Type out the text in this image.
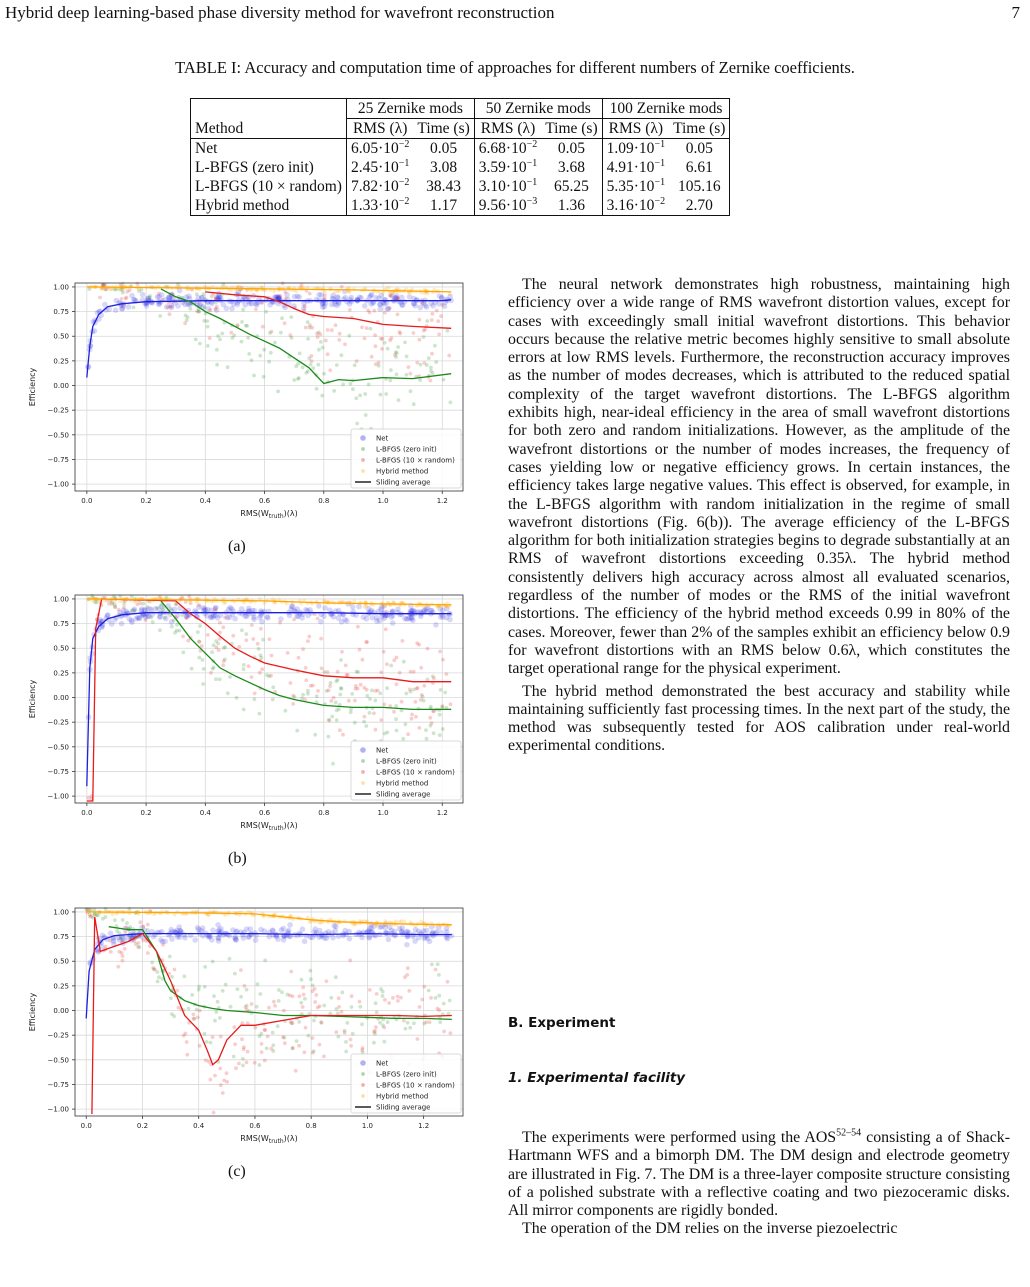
Hybrid deep learning-based phase diversity method for wavefront reconstruction	7
TABLE I: Accuracy and computation time of approaches for different numbers of Zernike coefficients.
	25 Zernike mods		50 Zernike mods		100 Zernike mods	
Method	RMS (λ)	Time (s)	RMS (λ)	Time (s)	RMS (λ)	Time (s)
Net	$6.05\cdot 10^{-2}$	0.05	$6.68\cdot 10^{-2}$	0.05	$1.09\cdot 10^{-1}$	0.05
L-BFGS (zero init)	$2.45\cdot 10^{-1}$	3.08	$3.59\cdot 10^{-1}$	3.68	$4.91\cdot 10^{-1}$	6.61
L-BFGS (10 × random)	$7.82\cdot 10^{-2}$	38.43	$3.10\cdot 10^{-1}$	65.25	$5.35\cdot 10^{-1}$	105.16
Hybrid method	$1.33\cdot 10^{-2}$	1.17	$9.56\cdot 10^{-3}$	1.36	$3.16\cdot 10^{-2}$	2.70
0.0	0.2	0.4	0.6	0.8	1.0	1.2
1.00
0.75
0.50
0.25
0.00
−0.25
−0.50
−0.75
−1.00
Net
L-BFGS (zero init)
L-BFGS (10 × random)
Hybrid method
Sliding average
Efficiency
$RMS(W_{truth})(\lambda)$
(a)
0.0	0.2	0.4	0.6	0.8	1.0	1.2
1.00
0.75
0.50
0.25
0.00
−0.25
−0.50
−0.75
−1.00
Net
L-BFGS (zero init)
L-BFGS (10 × random)
Hybrid method
Sliding average
Efficiency
$RMS(W_{truth})(\lambda)$
(b)
0.0	0.2	0.4	0.6	0.8	1.0	1.2
1.00
0.75
0.50
0.25
0.00
−0.25
−0.50
−0.75
−1.00
Net
L-BFGS (zero init)
L-BFGS (10 × random)
Hybrid method
Sliding average
Efficiency
$RMS(W_{truth})(\lambda)$
(c)

The neural network demonstrates high robustness, maintaining high efficiency over a wide range of RMS wavefront distortion values, except for cases with exceedingly small initial wavefront distortions. This behavior occurs because the relative metric becomes highly sensitive to small absolute errors at low RMS levels. Furthermore, the reconstruction accuracy improves as the number of modes decreases, which is attributed to the reduced spatial complexity of the target wavefront distortions. The L-BFGS algorithm exhibits high, near-ideal efficiency in the area of small wavefront distortions for both zero and random initializations. However, as the amplitude of the wavefront distortions or the number of modes increases, the frequency of cases yielding low or negative efficiency grows. In certain instances, the efficiency takes large negative values. This effect is observed, for example, in the L-BFGS algorithm with random initialization in the regime of small wavefront distortions (Fig. 6(b)). The average efficiency of the L-BFGS algorithm for both initialization strategies begins to degrade substantially at an RMS of wavefront distortions exceeding 0.35λ. The hybrid method consistently delivers high accuracy across almost all evaluated scenarios, regardless of the number of modes or the RMS of the initial wavefront distortions. The efficiency of the hybrid method exceeds 0.99 in 80% of the cases. Moreover, fewer than 2% of the samples exhibit an efficiency below 0.9 for wavefront distortions with an RMS below 0.6λ, which constitutes the target operational range for the physical experiment.

The hybrid method demonstrated the best accuracy and stability while maintaining sufficiently fast processing times. In the next part of the study, the method was subsequently tested for AOS calibration under real-world experimental conditions.

B. Experiment
1. Experimental facility

The experiments were performed using the AOS$^{52-54}$ consisting a of Shack-Hartmann WFS and a bimorph DM. The DM design and electrode geometry are illustrated in Fig. 7. The DM is a three-layer composite structure consisting of a polished substrate with a reflective coating and two piezoceramic disks. All mirror components are rigidly bonded.

The operation of the DM relies on the inverse piezoelectric
